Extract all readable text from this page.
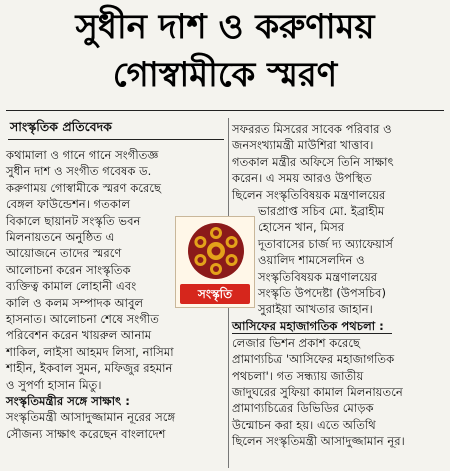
সুধীন দাশ ও করুণাময়
গোস্বামীকে স্মরণ
সাংস্কৃতিক প্রতিবেদক

কথামালা ও গানে গানে সংগীতজ্ঞ

সুধীন দাশ ও সংগীত গবেষক ড.

করুণাময় গোস্বামীকে স্মরণ করেছে

বেঙ্গল ফাউন্ডেশন। গতকাল

বিকালে ছায়ানট সংস্কৃতি ভবন

মিলনায়তনে অনুষ্ঠিত এ

আয়োজনে তাদের স্মরণে

আলোচনা করেন সাংস্কৃতিক

ব্যক্তিত্ব কামাল লোহানী এবং

কালি ও কলম সম্পাদক আবুল

হাসনাত। আলোচনা শেষে সংগীত

পরিবেশন করেন খায়রুল আনাম

শাকিল, লাইসা আহমদ লিসা, নাসিমা

শাহীন, ইকবাল সুমন, মফিজুর রহমান

ও সুপর্ণা হাসান মিতু।

সংস্কৃতিমন্ত্রীর সঙ্গে সাক্ষাৎ :

সংস্কৃতিমন্ত্রী আসাদুজ্জামান নূরের সঙ্গে

সৌজন্য সাক্ষাৎ করেছেন বাংলাদেশ

সংস্কৃতি

সফররত মিসরের সাবেক পরিবার ও

জনসংখ্যামন্ত্রী মাউশিরা খাত্তাব।

গতকাল মন্ত্রীর অফিসে তিনি সাক্ষাৎ

করেন। এ সময় আরও উপস্থিত

ছিলেন সংস্কৃতিবিষয়ক মন্ত্রণালয়ের

ভারপ্রাপ্ত সচিব মো. ইব্রাহীম

হোসেন খান, মিসর

দূতাবাসের চার্জ দ্য অ্যাফেয়ার্স

ওয়ালিদ শামসেলদিন ও

সংস্কৃতিবিষয়ক মন্ত্রণালয়ের

সংস্কৃতি উপদেষ্টা (উপসচিব)

সুরাইয়া আখতার জাহান।

আসিফের মহাজাগতিক পথচলা :

লেজার ভিশন প্রকাশ করেছে

প্রামাণ্যচিত্র 'আসিফের মহাজাগতিক

পথচলা'। গত সন্ধ্যায় জাতীয়

জাদুঘরের সুফিয়া কামাল মিলনায়তনে

প্রামাণ্যচিত্রের ডিভিডির মোড়ক

উন্মোচন করা হয়। এতে অতিথি

ছিলেন সংস্কৃতিমন্ত্রী আসাদুজ্জামান নূর।
